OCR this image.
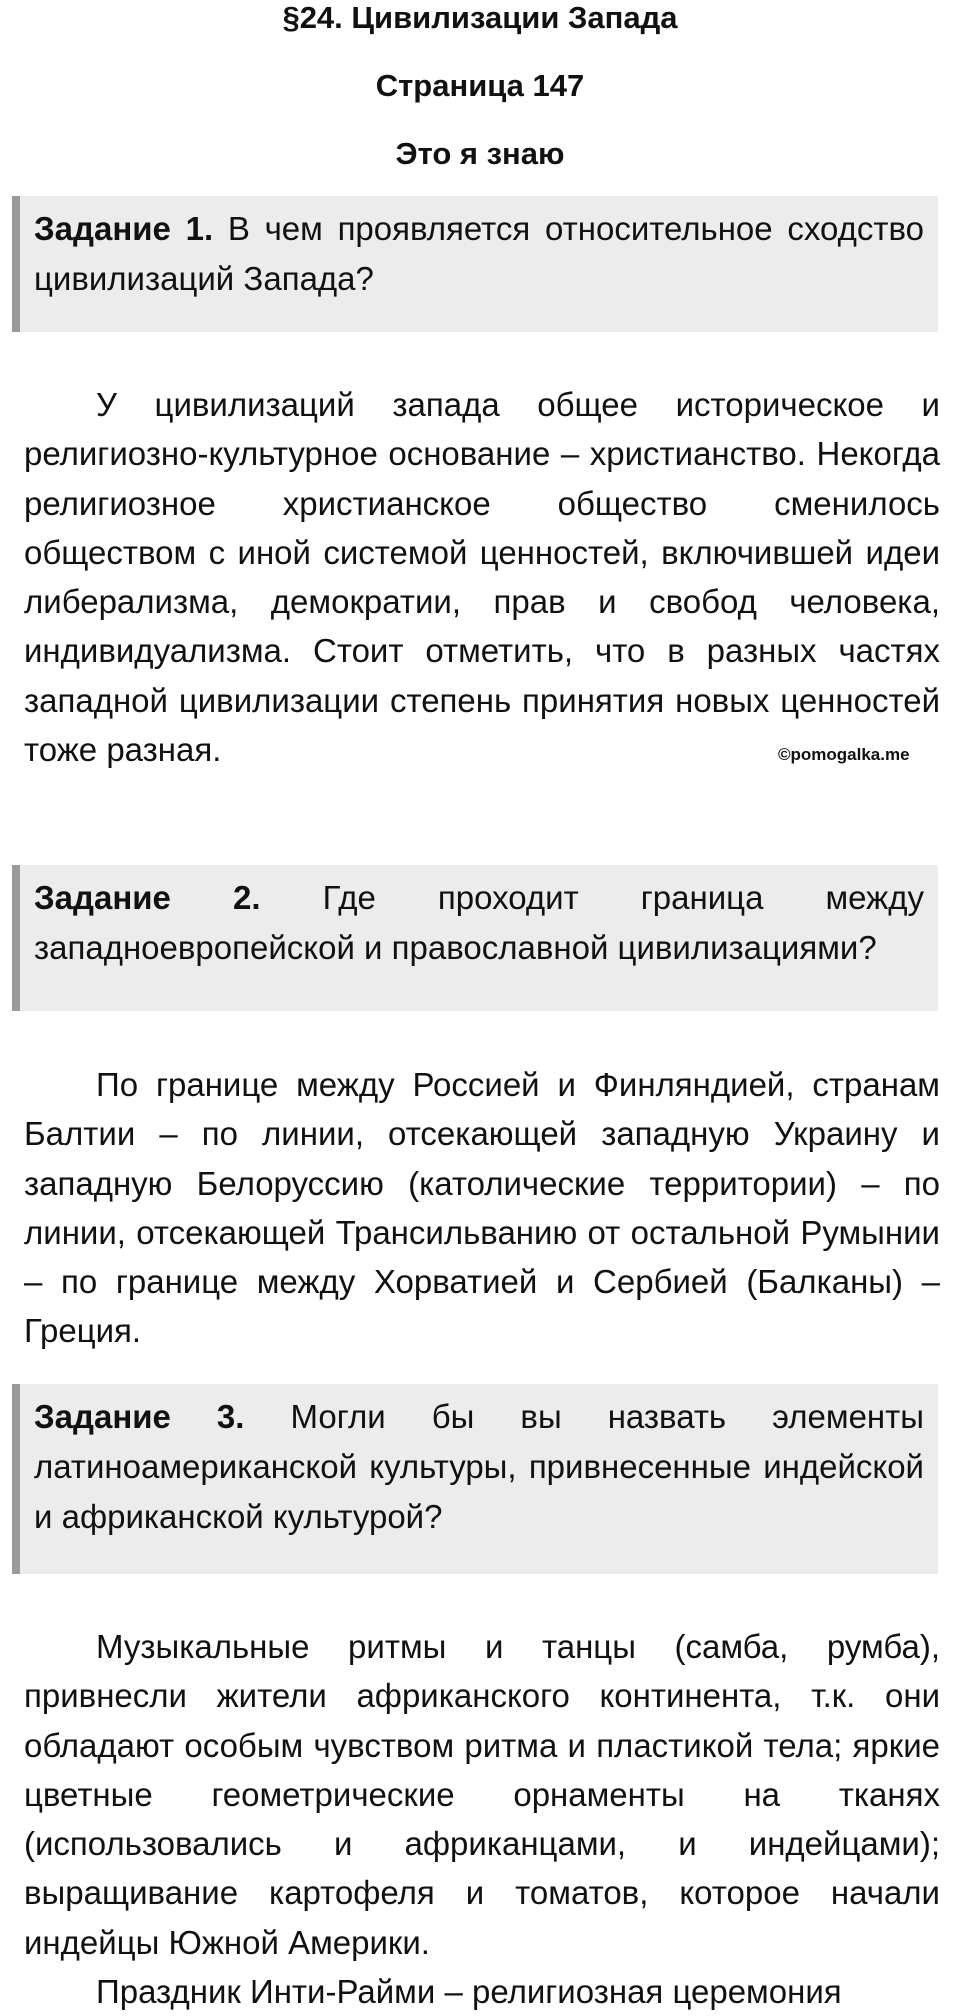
§24. Цивилизации Запада
Страница 147
Это я знаю
Задание 1. В чем проявляется относительное сходство цивилизаций Запада?

У цивилизаций запада общее историческое и религиозно-культурное основание – христианство. Некогда религиозное христианское общество сменилось обществом с иной системой ценностей, включившей идеи либерализма, демократии, прав и свобод человека, индивидуализма. Стоит отметить, что в разных частях западной цивилизации степень принятия новых ценностей тоже разная.	©pomogalka.me
Задание 2. Где проходит граница между западноевропейской и православной цивилизациями?

По границе между Россией и Финляндией, странам Балтии – по линии, отсекающей западную Украину и западную Белоруссию (католические территории) – по линии, отсекающей Трансильванию от остальной Румынии – по границе между Хорватией и Сербией (Балканы) – Греция.

Задание 3. Могли бы вы назвать элементы латиноамериканской культуры, привнесенные индейской и африканской культурой?

Музыкальные ритмы и танцы (самба, румба), привнесли жители африканского континента, т.к. они обладают особым чувством ритма и пластикой тела; яркие цветные геометрические орнаменты на тканях (использовались и африканцами, и индейцами); выращивание картофеля и томатов, которое начали индейцы Южной Америки.

Праздник Инти-Райми – религиозная церемония
